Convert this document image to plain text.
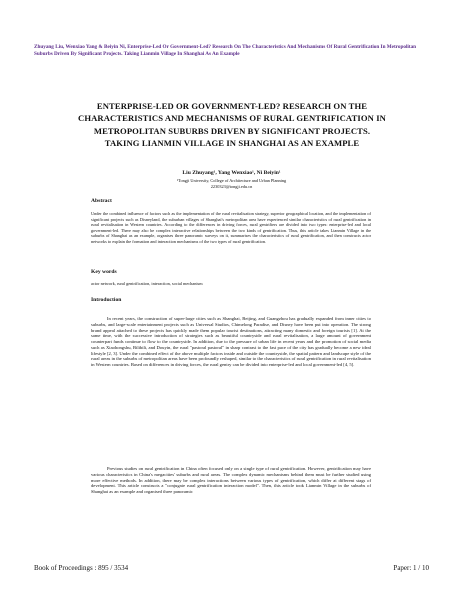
Zhuyang Liu, Wenxiao Yang & Beiyin Ni, Enterprise-Led Or Government-Led? Research On The Characteristics And Mechanisms Of Rural Gentrification In Metropolitan Suburbs Driven By Significant Projects. Taking Lianmin Village In Shanghai As An Example
ENTERPRISE-LED OR GOVERNMENT-LED? RESEARCH ON THE CHARACTERISTICS AND MECHANISMS OF RURAL GENTRIFICATION IN METROPOLITAN SUBURBS DRIVEN BY SIGNIFICANT PROJECTS. TAKING LIANMIN VILLAGE IN SHANGHAI AS AN EXAMPLE
Liu Zhuyang¹, Yang Wenxiao¹, Ni Beiyin¹
¹Tongji University, College of Architecture and Urban Planning
2230323@tongji.edu.cn
Abstract
Under the combined influence of factors such as the implementation of the rural revitalisation strategy, superior geographical location, and the implementation of significant projects such as Disneyland, the suburban villages of Shanghai's metropolitan area have experienced similar characteristics of rural gentrification in rural revitalisation in Western countries. According to the differences in driving forces, rural gentrifiers are divided into two types: enterprise-led and local government-led. There may also be complex interactive relationships between the two kinds of gentrification. Thus, this article takes Lianmin Village in the suburbs of Shanghai as an example, organises three panoramic surveys on it, summarises the characteristics of rural gentrification, and then constructs actor networks to explain the formation and interaction mechanisms of the two types of rural gentrification.
Key words
actor network, rural gentrification, interaction, social mechanism
Introduction
In recent years, the construction of super-large cities such as Shanghai, Beijing, and Guangzhou has gradually expanded from inner cities to suburbs, and large-scale entertainment projects such as Universal Studios, Chimelong Paradise, and Disney have been put into operation. The strong brand appeal attached to these projects has quickly made them popular tourist destinations, attracting many domestic and foreign tourists [1]. At the same time, with the successive introduction of strategies such as beautiful countryside and rural revitalisation, a large amount of government counterpart funds continue to flow to the countryside. In addition, due to the pressure of urban life in recent years and the promotion of social media such as Xiaohongshu, Bilibili, and Douyin, the rural "pastoral pastoral" in sharp contrast to the fast pace of the city has gradually become a new ideal lifestyle [2, 3]. Under the combined effect of the above multiple factors inside and outside the countryside, the spatial pattern and landscape style of the rural areas in the suburbs of metropolitan areas have been profoundly reshaped, similar to the characteristics of rural gentrification in rural revitalisation in Western countries. Based on differences in driving forces, the rural gentry can be divided into enterprise-led and local government-led [4, 5].
Previous studies on rural gentrification in China often focused only on a single type of rural gentrification. However, gentrification may have various characteristics in China's megacities' suburbs and rural areas. The complex dynamic mechanisms behind them must be further studied using more effective methods. In addition, there may be complex interactions between various types of gentrification, which differ at different stags of development. This article constructs a "conjugate rural gentrification interaction model". Then, this article took Lianmin Village in the suburbs of Shanghai as an example and organised three panoramic
Book of Proceedings : 895 / 3534	Paper: 1 / 10
